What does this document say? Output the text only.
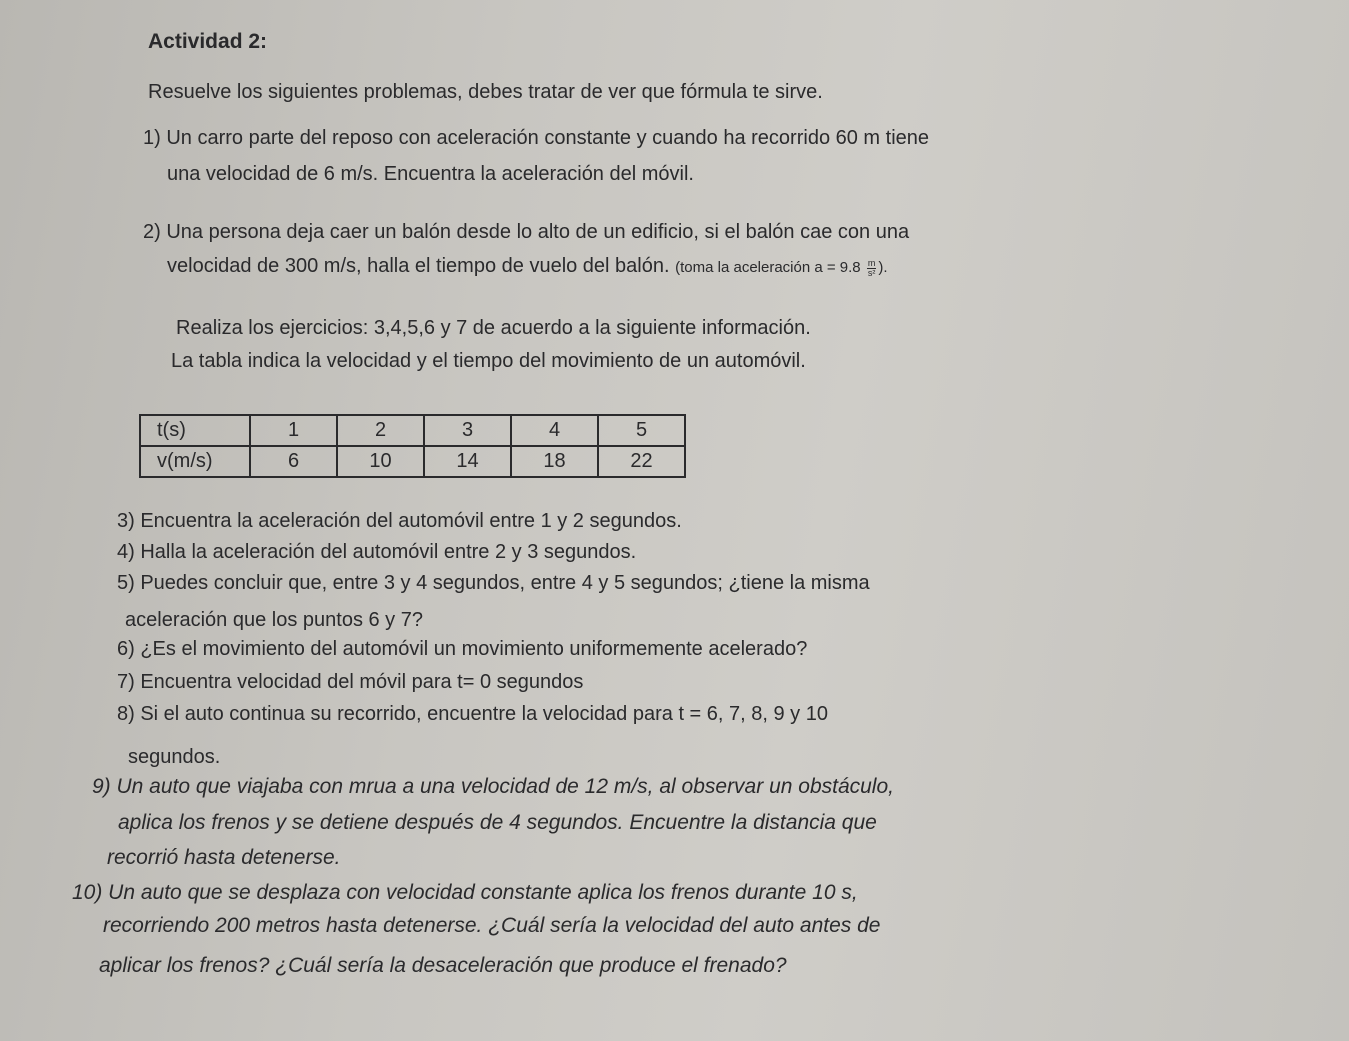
Actividad 2:
Resuelve los siguientes problemas, debes tratar de ver que fórmula te sirve.
1) Un carro parte del reposo con aceleración constante y cuando ha recorrido 60 m tiene
una velocidad de 6 m/s. Encuentra la aceleración del móvil.
2) Una persona deja caer un balón desde lo alto de un edificio, si el balón cae con una
velocidad de 300 m/s, halla el tiempo de vuelo del balón. (toma la aceleración $a = 9.8 \frac{m}{\text{s²}}$ ).
Realiza los ejercicios: 3,4,5,6 y 7 de acuerdo a la siguiente información.
La tabla indica la velocidad y el tiempo del movimiento de un automóvil.
t(s)	1	2	3	4	5
v(m/s)	6	10	14	18	22
3) Encuentra la aceleración del automóvil entre 1 y 2 segundos.
4) Halla la aceleración del automóvil entre 2 y 3 segundos.
5) Puedes concluir que, entre 3 y 4 segundos, entre 4 y 5 segundos; ¿tiene la misma
aceleración que los puntos 6 y 7?
6) ¿Es el movimiento del automóvil un movimiento uniformemente acelerado?
7) Encuentra velocidad del móvil para t= 0 segundos
8) Si el auto continua su recorrido, encuentre la velocidad para t = 6, 7, 8, 9 y 10
segundos.
9) Un auto que viajaba con mrua a una velocidad de 12 m/s, al observar un obstáculo,
aplica los frenos y se detiene después de 4 segundos. Encuentre la distancia que
recorrió hasta detenerse.
10) Un auto que se desplaza con velocidad constante aplica los frenos durante 10 s,
recorriendo 200 metros hasta detenerse. ¿Cuál sería la velocidad del auto antes de
aplicar los frenos? ¿Cuál sería la desaceleración que produce el frenado?
